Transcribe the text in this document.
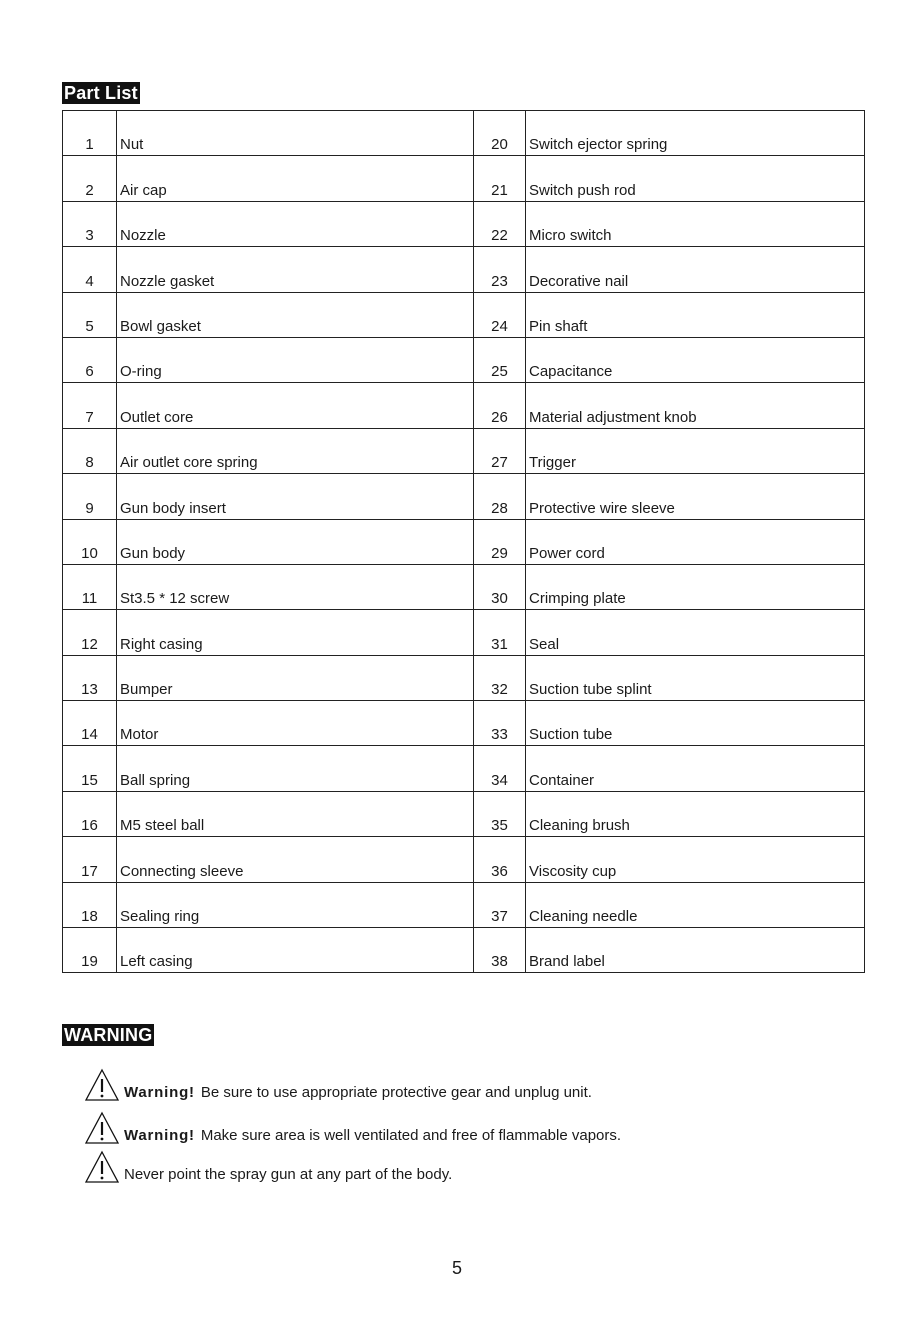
Part List
1	Nut	20	Switch ejector spring
2	Air cap	21	Switch push rod
3	Nozzle	22	Micro switch
4	Nozzle gasket	23	Decorative nail
5	Bowl gasket	24	Pin shaft
6	O-ring	25	Capacitance
7	Outlet core	26	Material adjustment knob
8	Air outlet core spring	27	Trigger
9	Gun body insert	28	Protective wire sleeve
10	Gun body	29	Power cord
11	St3.5 * 12 screw	30	Crimping plate
12	Right casing	31	Seal
13	Bumper	32	Suction tube splint
14	Motor	33	Suction tube
15	Ball spring	34	Container
16	M5 steel ball	35	Cleaning brush
17	Connecting sleeve	36	Viscosity cup
18	Sealing ring	37	Cleaning needle
19	Left casing	38	Brand label
WARNING
Warning! Be sure to use appropriate protective gear and unplug unit.
Warning! Make sure area is well ventilated and free of flammable vapors.
Never point the spray gun at any part of the body.
5
